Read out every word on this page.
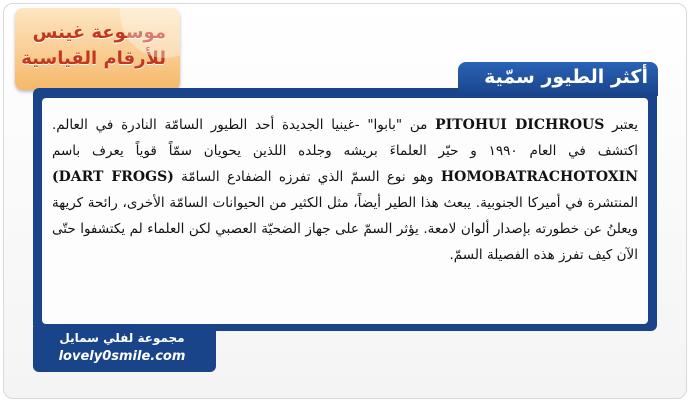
موسوعة غينس
للأرقام القياسية
أكثر الطيور سمّية
يعتبر PITOHUI DICHROUS من "بابوا" -غينيا الجديدة أحد الطيور السامّة النادرة في العالم. اكتشف في العام ١٩٩٠ و حيّر العلماءَ بريشه وجلده اللذين يحويان سمّاً قوياً يعرف باسم HOMOBATRACHOTOXIN وهو نوع السمّ الذي تفرزه الضفادع السامّة (DART FROGS) المنتشرة في أميركا الجنوبية. يبعث هذا الطير أيضاً، مثل الكثير من الحيوانات السامّة الأخرى، رائحة كريهة ويعلنُ عن خطورته بإصدار ألوان لامعة. يؤثر السمّ على جهاز الضحيّة العصبي لكن العلماء لم يكتشفوا حتّى الآن كيف تفرز هذه الفصيلة السمّ.
مجموعة لفلي سمايل
lovely0smile.com
